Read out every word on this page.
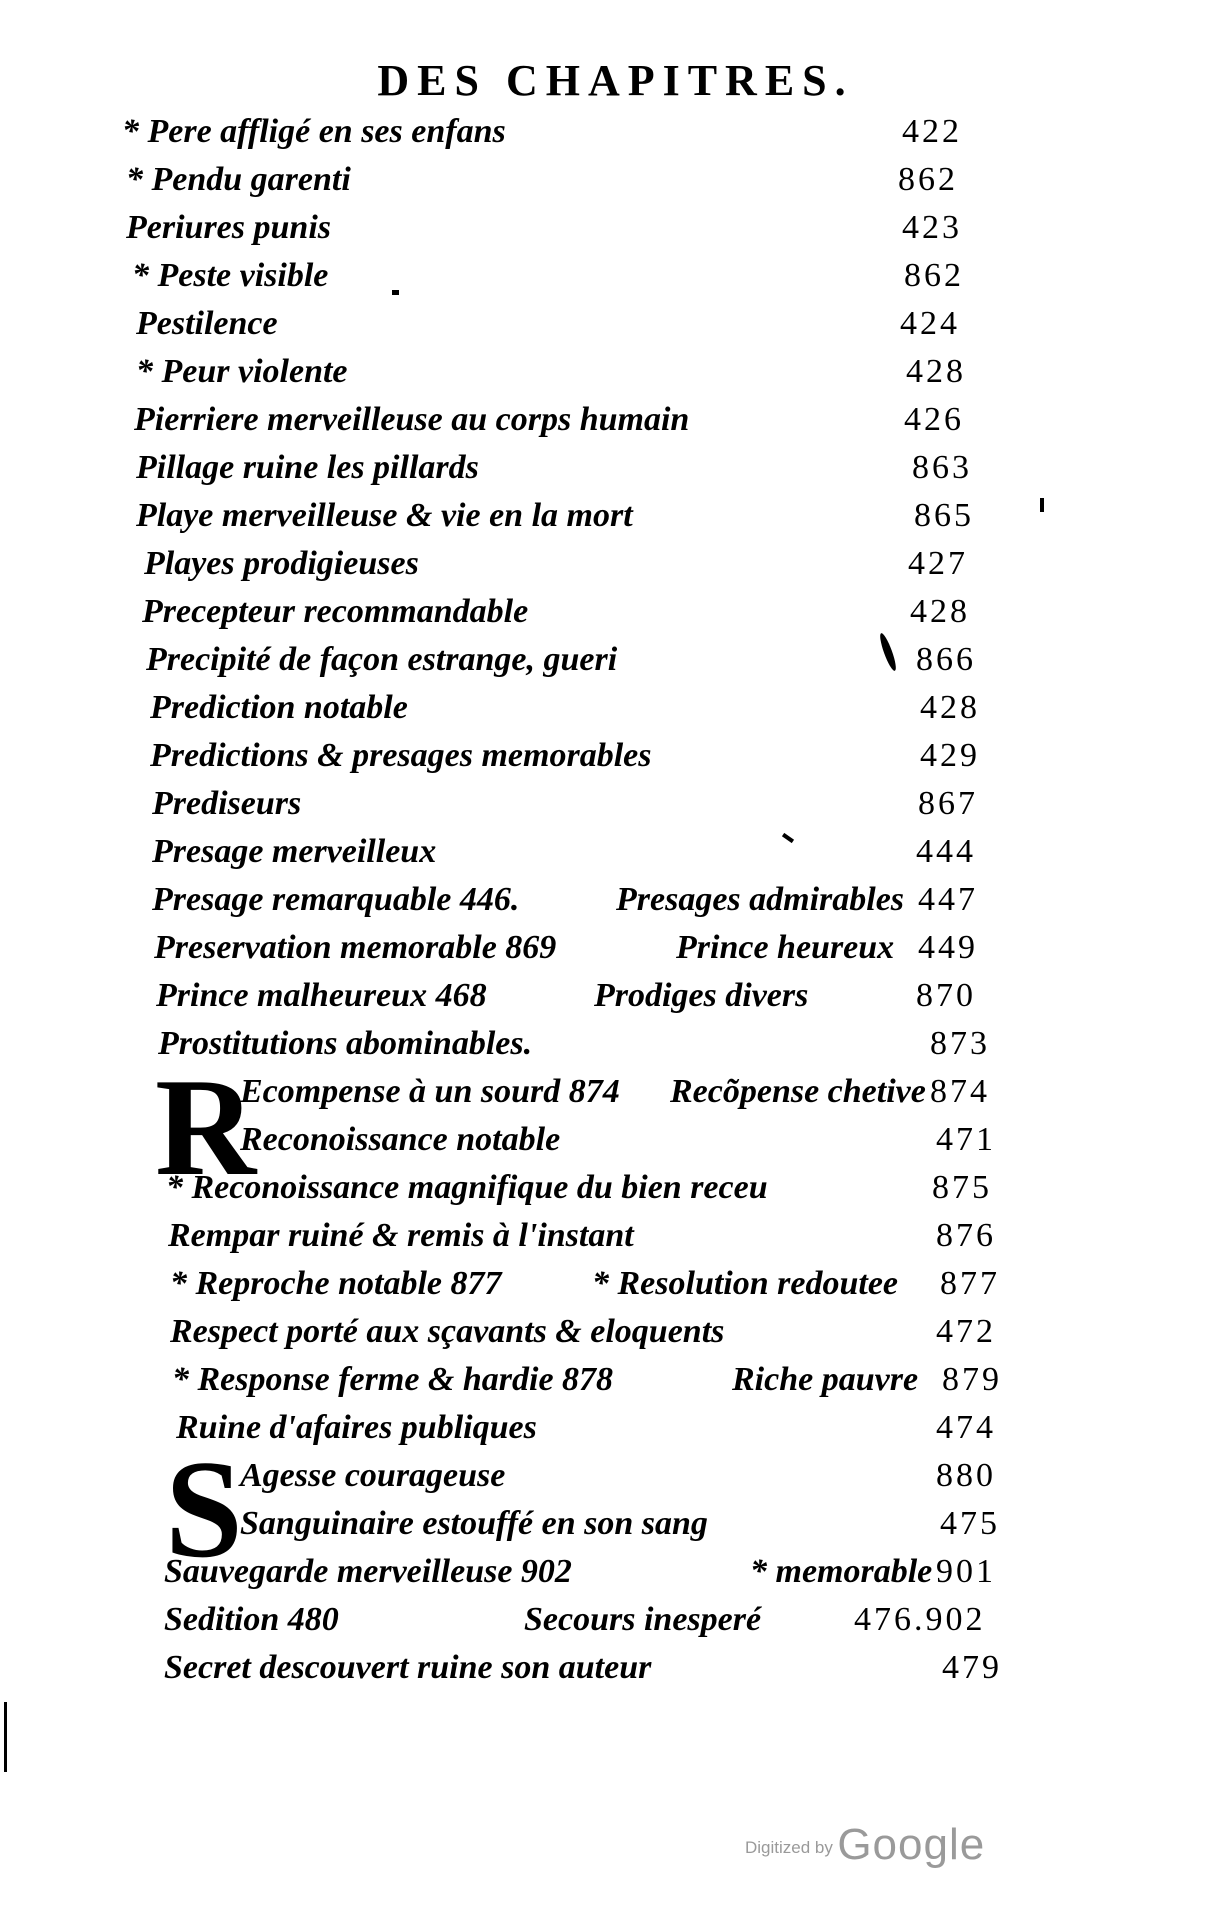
DES CHAPITRES.
R
S
* Pere affligé en ses enfans	422
* Pendu garenti	862
Periures punis	423
* Peste visible	862
Pestilence	424
* Peur violente	428
Pierriere merveilleuse au corps humain	426
Pillage ruine les pillards	863
Playe merveilleuse & vie en la mort	865
Playes prodigieuses	427
Precepteur recommandable	428
Precipité de façon estrange, gueri	866
Prediction notable	428
Predictions & presages memorables	429
Prediseurs	867
Presage merveilleux	444
Presage remarquable 446.	Presages admirables 447
Preservation memorable 869	Prince heureux 449
Prince malheureux 468	Prodiges divers	870
Prostitutions abominables.	873
Ecompense à un sourd 874 Recõpense chetive 874
Reconoissance notable	471
* Reconoissance magnifique du bien receu	875
Rempar ruiné & remis à l'instant	876
* Reproche notable 877	* Resolution redoutee 877
Respect porté aux sçavants & eloquents	472
* Response ferme & hardie 878	Riche pauvre 879
Ruine d'afaires publiques	474
Agesse courageuse	880
Sanguinaire estouffé en son sang	475
Sauvegarde merveilleuse 902	* memorable 901
Sedition 480	Secours inesperé	476.902
Secret descouvert ruine son auteur	479
Digitized by Google
